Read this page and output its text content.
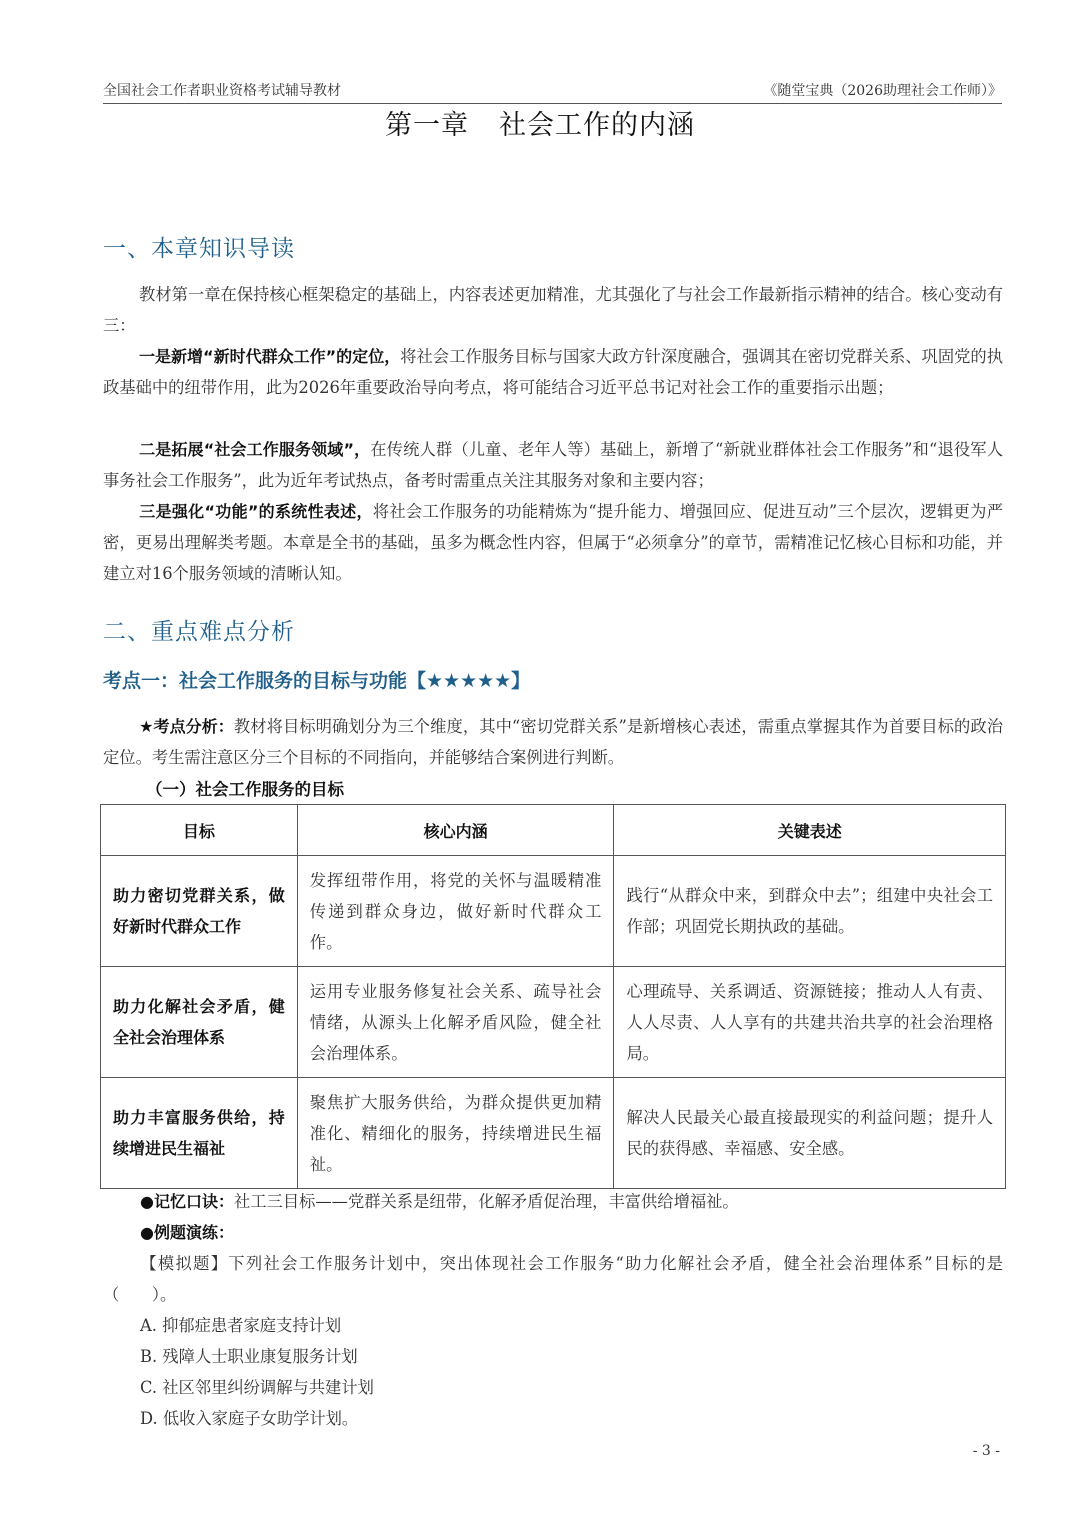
全国社会工作者职业资格考试辅导教材	《随堂宝典（2026助理社会工作师）》
第一章 社会工作的内涵
一、本章知识导读
教材第一章在保持核心框架稳定的基础上，内容表述更加精准，尤其强化了与社会工作最新指示精神的结合。核心变动有三：
一是新增“新时代群众工作”的定位，将社会工作服务目标与国家大政方针深度融合，强调其在密切党群关系、巩固党的执政基础中的纽带作用，此为2026年重要政治导向考点，将可能结合习近平总书记对社会工作的重要指示出题；
二是拓展“社会工作服务领域”，在传统人群（儿童、老年人等）基础上，新增了“新就业群体社会工作服务”和“退役军人事务社会工作服务”，此为近年考试热点，备考时需重点关注其服务对象和主要内容；
三是强化“功能”的系统性表述，将社会工作服务的功能精炼为“提升能力、增强回应、促进互动”三个层次，逻辑更为严密，更易出理解类考题。本章是全书的基础，虽多为概念性内容，但属于“必须拿分”的章节，需精准记忆核心目标和功能，并建立对16个服务领域的清晰认知。
二、重点难点分析
考点一：社会工作服务的目标与功能【★★★★★】
★考点分析：教材将目标明确划分为三个维度，其中“密切党群关系”是新增核心表述，需重点掌握其作为首要目标的政治定位。考生需注意区分三个目标的不同指向，并能够结合案例进行判断。
（一）社会工作服务的目标
目标	核心内涵	关键表述
助力密切党群关系，做好新时代群众工作	发挥纽带作用，将党的关怀与温暖精准传递到群众身边，做好新时代群众工作。	践行“从群众中来，到群众中去”；组建中央社会工作部；巩固党长期执政的基础。
助力化解社会矛盾，健全社会治理体系	运用专业服务修复社会关系、疏导社会情绪，从源头上化解矛盾风险，健全社会治理体系。	心理疏导、关系调适、资源链接；推动人人有责、人人尽责、人人享有的共建共治共享的社会治理格局。
助力丰富服务供给，持续增进民生福祉	聚焦扩大服务供给，为群众提供更加精准化、精细化的服务，持续增进民生福祉。	解决人民最关心最直接最现实的利益问题；提升人民的获得感、幸福感、安全感。
●记忆口诀：社工三目标——党群关系是纽带，化解矛盾促治理，丰富供给增福祉。
●例题演练：
【模拟题】下列社会工作服务计划中，突出体现社会工作服务“助力化解社会矛盾，健全社会治理体系”目标的是（　　）。
A. 抑郁症患者家庭支持计划
B. 残障人士职业康复服务计划
C. 社区邻里纠纷调解与共建计划
D. 低收入家庭子女助学计划。
- 3 -
